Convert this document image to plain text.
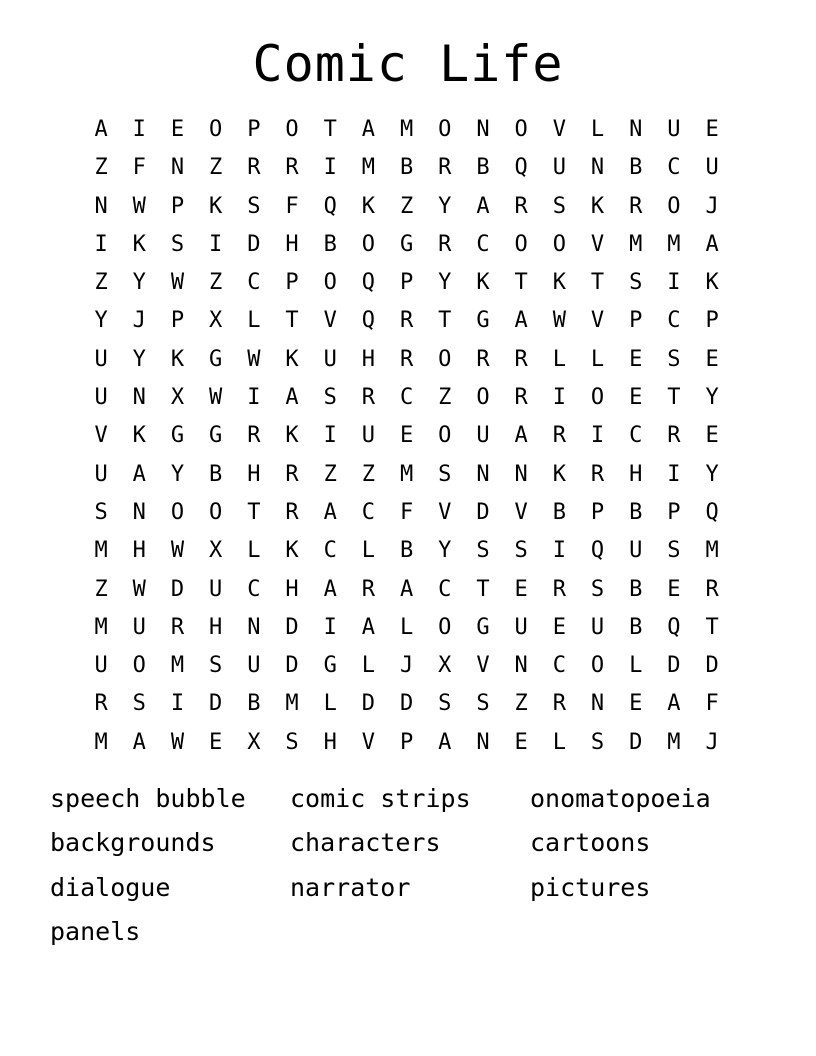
Comic Life
A	I	E	O	P	O	T	A	M	O	N	O	V	L	N	U	E
Z	F	N	Z	R	R	I	M	B	R	B	Q	U	N	B	C	U
N	W	P	K	S	F	Q	K	Z	Y	A	R	S	K	R	O	J
I	K	S	I	D	H	B	O	G	R	C	O	O	V	M	M	A
Z	Y	W	Z	C	P	O	Q	P	Y	K	T	K	T	S	I	K
Y	J	P	X	L	T	V	Q	R	T	G	A	W	V	P	C	P
U	Y	K	G	W	K	U	H	R	O	R	R	L	L	E	S	E
U	N	X	W	I	A	S	R	C	Z	O	R	I	O	E	T	Y
V	K	G	G	R	K	I	U	E	O	U	A	R	I	C	R	E
U	A	Y	B	H	R	Z	Z	M	S	N	N	K	R	H	I	Y
S	N	O	O	T	R	A	C	F	V	D	V	B	P	B	P	Q
M	H	W	X	L	K	C	L	B	Y	S	S	I	Q	U	S	M
Z	W	D	U	C	H	A	R	A	C	T	E	R	S	B	E	R
M	U	R	H	N	D	I	A	L	O	G	U	E	U	B	Q	T
U	O	M	S	U	D	G	L	J	X	V	N	C	O	L	D	D
R	S	I	D	B	M	L	D	D	S	S	Z	R	N	E	A	F
M	A	W	E	X	S	H	V	P	A	N	E	L	S	D	M	J
speech bubble	comic strips	onomatopoeia
backgrounds	characters	cartoons
dialogue	narrator	pictures
panels
